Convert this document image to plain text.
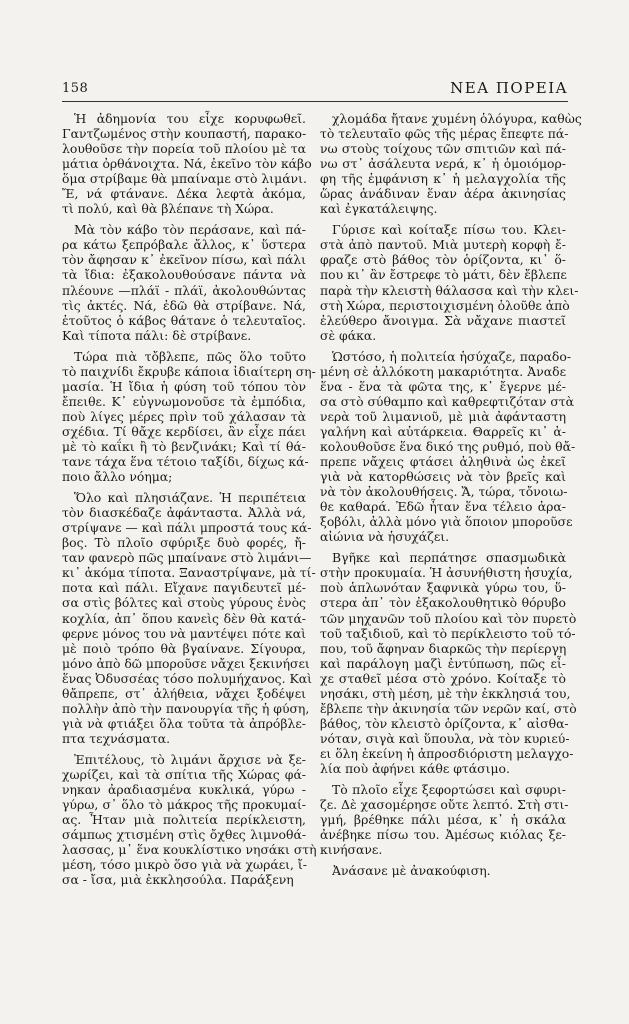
158	ΝΕΑ ΠΟΡΕΙΑ
Ἡ ἀδημονία του εἶχε κορυφωθεῖ.
Γαντζωμένος στὴν κουπαστή, παρακο-
λουθοῦσε τὴν πορεία τοῦ πλοίου μὲ τα
μάτια ὀρθάνοιχτα. Νά, ἐκεῖνο τὸν κάβο
ὅμα στρίβαμε θὰ μπαίναμε στὸ λιμάνι.
Ἔ, νά φτάνανε. Δέκα λεφτὰ ἀκόμα,
τὶ πολύ, καὶ θὰ βλέπανε τὴ Χώρα.
Μὰ τὸν κάβο τὸν περάσανε, καὶ πά-
ρα κάτω ξεπρόβαλε ἄλλος, κ᾿ ὕστερα
τὸν ἄφησαν κ᾿ ἐκεῖνον πίσω, καὶ πάλι
τὰ ἴδια: ἐξακολουθούσανε πάντα νὰ
πλέουνε —πλάϊ - πλάϊ, ἀκολουθώντας
τὶς ἀκτές. Νά, ἐδῶ θὰ στρίβανε. Νά,
ἐτοῦτος ὁ κάβος θάτανε ὁ τελευταῖος.
Καὶ τίποτα πάλι: δὲ στρίβανε.
Τώρα πιὰ τὄβλεπε, πῶς ὅλο τοῦτο
τὸ παιχνίδι ἔκρυβε κάποια ἰδιαίτερη ση-
μασία. Ἡ ἴδια ἡ φύση τοῦ τόπου τὸν
ἔπειθε. Κ᾿ εὐγνωμονοῦσε τὰ ἐμπόδια,
ποὺ λίγες μέρες πρὶν τοῦ χάλασαν τὰ
σχέδια. Τί θἄχε κερδίσει, ἂν εἶχε πάει
μὲ τὸ καΐκι ἢ τὸ βενζινάκι; Καὶ τί θά-
τανε τάχα ἕνα τέτοιο ταξίδι, δίχως κά-
ποιο ἄλλο νόημα;
Ὅλο καὶ πλησιάζανε. Ἡ περιπέτεια
τὸν διασκέδαζε ἀφάνταστα. Ἀλλὰ νά,
στρίψανε — καὶ πάλι μπροστά τους κά-
βος. Τὸ πλοῖο σφύριξε δυὸ φορές, ἤ-
ταν φανερὸ πῶς μπαίνανε στὸ λιμάνι—
κι᾿ ἀκόμα τίποτα. Ξαναστρίψανε, μὰ τί-
ποτα καὶ πάλι. Εἴχανε παγιδευτεῖ μέ-
σα στὶς βόλτες καὶ στοὺς γύρους ἑνὸς
κοχλία, ἀπ᾿ ὅπου κανεὶς δὲν θὰ κατά-
φερνε μόνος του νὰ μαντέψει πότε καὶ
μὲ ποιὸ τρόπο θὰ βγαίνανε. Σίγουρα,
μόνο ἀπὸ δῶ μποροῦσε νἄχει ξεκινήσει
ἕνας Ὀδυσσέας τόσο πολυμήχανος. Καὶ
θἄπρεπε, στ᾿ ἀλήθεια, νἄχει ξοδέψει
πολλὴν ἀπὸ τὴν πανουργία τῆς ἡ φύση,
γιὰ νὰ φτιάξει ὅλα τοῦτα τὰ ἀπρόβλε-
πτα τεχνάσματα.
Ἐπιτέλους, τὸ λιμάνι ἄρχισε νὰ ξε-
χωρίζει, καὶ τὰ σπίτια τῆς Χώρας φά-
νηκαν ἀραδιασμένα κυκλικά, γύρω -
γύρω, σ᾿ ὅλο τὸ μάκρος τῆς προκυμαί-
ας. Ἦταν μιὰ πολιτεία περίκλειστη,
σάμπως χτισμένη στὶς ὄχθες λιμνοθά-
λασσας, μ᾿ ἕνα κουκλίστικο νησάκι στὴ
μέση, τόσο μικρὸ ὅσο γιὰ νὰ χωράει, ἴ-
σα - ἴσα, μιὰ ἐκκλησούλα. Παράξενη
χλομάδα ἤτανε χυμένη ὁλόγυρα, καθὼς
τὸ τελευταῖο φῶς τῆς μέρας ἔπεφτε πά-
νω στοὺς τοίχους τῶν σπιτιῶν καὶ πά-
νω στ᾿ ἀσάλευτα νερά, κ᾿ ἡ ὁμοιόμορ-
φη τῆς ἐμφάνιση κ᾿ ἡ μελαγχολία τῆς
ὥρας ἀνάδιναν ἕναν ἀέρα ἀκινησίας
καὶ ἐγκατάλειψης.
Γύρισε καὶ κοίταξε πίσω του. Κλει-
στὰ ἀπὸ παντοῦ. Μιὰ μυτερὴ κορφὴ ἔ-
φραζε στὸ βάθος τὸν ὁρίζοντα, κι᾿ ὅ-
που κι᾿ ἂν ἔστρεφε τὸ μάτι, δὲν ἔβλεπε
παρὰ τὴν κλειστὴ θάλασσα καὶ τὴν κλει-
στὴ Χώρα, περιστοιχισμένη ὁλοῦθε ἀπὸ
ἐλεύθερο ἄνοιγμα. Σὰ νἄχανε πιαστεῖ
σὲ φάκα.
Ὡστόσο, ἡ πολιτεία ἡσύχαζε, παραδο-
μένη σὲ ἀλλόκοτη μακαριότητα. Ἀναδε
ἕνα - ἕνα τὰ φῶτα της, κ᾿ ἔγερνε μέ-
σα στὸ σύθαμπο καὶ καθρεφτιζόταν στὰ
νερὰ τοῦ λιμανιοῦ, μὲ μιὰ ἀφάνταστη
γαλήνη καὶ αὐτάρκεια. Θαρρεῖς κι᾿ ἀ-
κολουθοῦσε ἕνα δικό της ρυθμό, ποὺ θἄ-
πρεπε νἄχεις φτάσει ἀληθινὰ ὡς ἐκεῖ
γιὰ νὰ κατορθώσεις νὰ τὸν βρεῖς καὶ
νὰ τὸν ἀκολουθήσεις. Ἄ, τώρα, τὄνοιω-
θε καθαρά. Ἐδῶ ἦταν ἕνα τέλειο ἀρα-
ξοβόλι, ἀλλὰ μόνο γιὰ ὅποιον μποροῦσε
αἰώνια νὰ ἡσυχάζει.
Βγῆκε καὶ περπάτησε σπασμωδικὰ
στὴν προκυμαία. Ἡ ἀσυνήθιστη ἡσυχία,
ποὺ ἁπλωνόταν ξαφνικὰ γύρω του, ὕ-
στερα ἀπ᾿ τὸν ἐξακολουθητικὸ θόρυβο
τῶν μηχανῶν τοῦ πλοίου καὶ τὸν πυρετὸ
τοῦ ταξιδιοῦ, καὶ τὸ περίκλειστο τοῦ τό-
που, τοῦ ἄφηναν διαρκῶς τὴν περίεργη
καὶ παράλογη μαζὶ ἐντύπωση, πῶς εἶ-
χε σταθεῖ μέσα στὸ χρόνο. Κοίταξε τὸ
νησάκι, στὴ μέση, μὲ τὴν ἐκκλησιά του,
ἔβλεπε τὴν ἀκινησία τῶν νερῶν καί, στὸ
βάθος, τὸν κλειστὸ ὁρίζοντα, κ᾿ αἰσθα-
νόταν, σιγὰ καὶ ὕπουλα, νὰ τὸν κυριεύ-
ει ὅλη ἐκείνη ἡ ἀπροσδιόριστη μελαγχο-
λία ποὺ ἀφήνει κάθε φτάσιμο.
Τὸ πλοῖο εἶχε ξεφορτώσει καὶ σφυρι-
ζε. Δὲ χασομέρησε οὔτε λεπτό. Στὴ στι-
γμή, βρέθηκε πάλι μέσα, κ᾿ ἡ σκάλα
ἀνέβηκε πίσω του. Ἀμέσως κιόλας ξε-
κινήσανε.
Ἀνάσανε μὲ ἀνακούφιση.
